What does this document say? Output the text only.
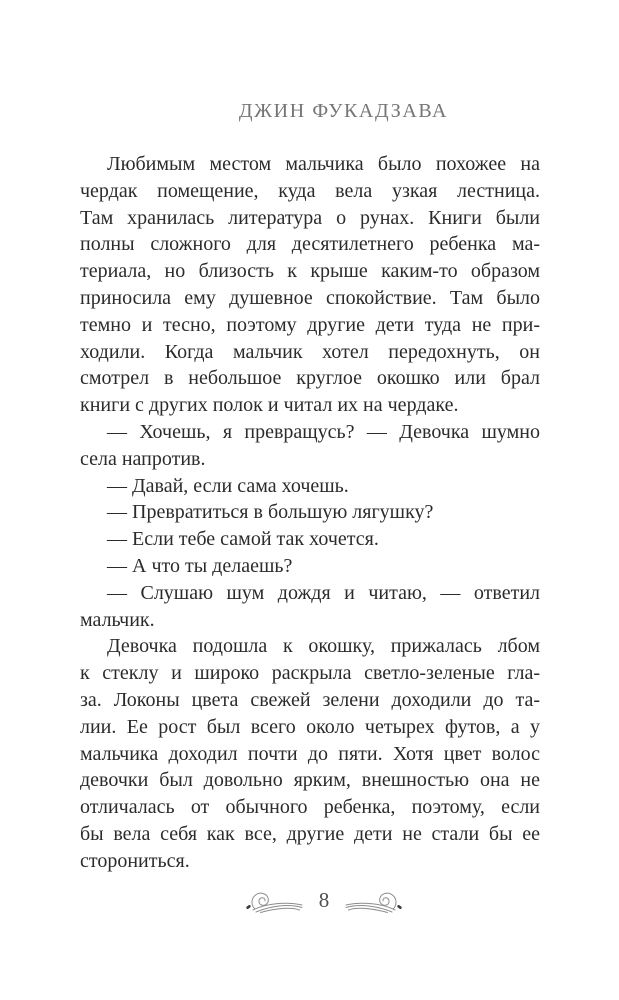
ДЖИН ФУКАДЗАВА
Любимым местом мальчика было похожее на
чердак помещение, куда вела узкая лестница.
Там хранилась литература о рунах. Книги были
полны сложного для десятилетнего ребенка ма-
териала, но близость к крыше каким-то образом
приносила ему душевное спокойствие. Там было
темно и тесно, поэтому другие дети туда не при-
ходили. Когда мальчик хотел передохнуть, он
смотрел в небольшое круглое окошко или брал
книги с других полок и читал их на чердаке.
— Хочешь, я превращусь? — Девочка шумно
села напротив.
— Давай, если сама хочешь.
— Превратиться в большую лягушку?
— Если тебе самой так хочется.
— А что ты делаешь?
— Слушаю шум дождя и читаю, — ответил
мальчик.
Девочка подошла к окошку, прижалась лбом
к стеклу и широко раскрыла светло-зеленые гла-
за. Локоны цвета свежей зелени доходили до та-
лии. Ее рост был всего около четырех футов, а у
мальчика доходил почти до пяти. Хотя цвет волос
девочки был довольно ярким, внешностью она не
отличалась от обычного ребенка, поэтому, если
бы вела себя как все, другие дети не стали бы ее
сторониться.
8
